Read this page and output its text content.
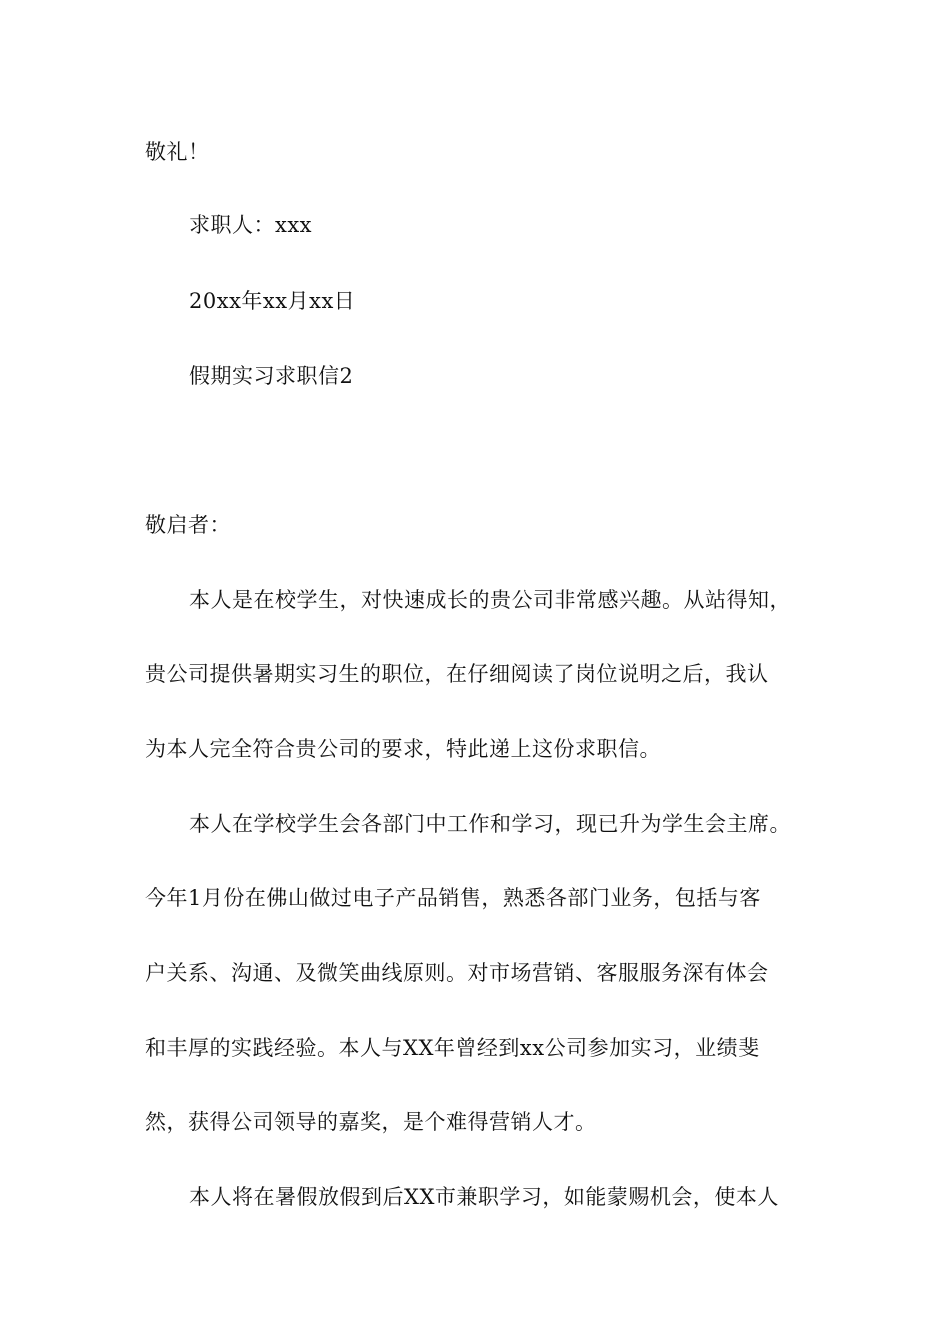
敬礼！
求职人：xxx
20xx年xx月xx日
假期实习求职信2
敬启者：
本人是在校学生，对快速成长的贵公司非常感兴趣。从站得知，
贵公司提供暑期实习生的职位，在仔细阅读了岗位说明之后，我认
为本人完全符合贵公司的要求，特此递上这份求职信。
本人在学校学生会各部门中工作和学习，现已升为学生会主席。
今年1月份在佛山做过电子产品销售，熟悉各部门业务，包括与客
户关系、沟通、及微笑曲线原则。对市场营销、客服服务深有体会
和丰厚的实践经验。本人与XX年曾经到xx公司参加实习，业绩斐
然，获得公司领导的嘉奖，是个难得营销人才。
本人将在暑假放假到后XX市兼职学习，如能蒙赐机会，使本人
